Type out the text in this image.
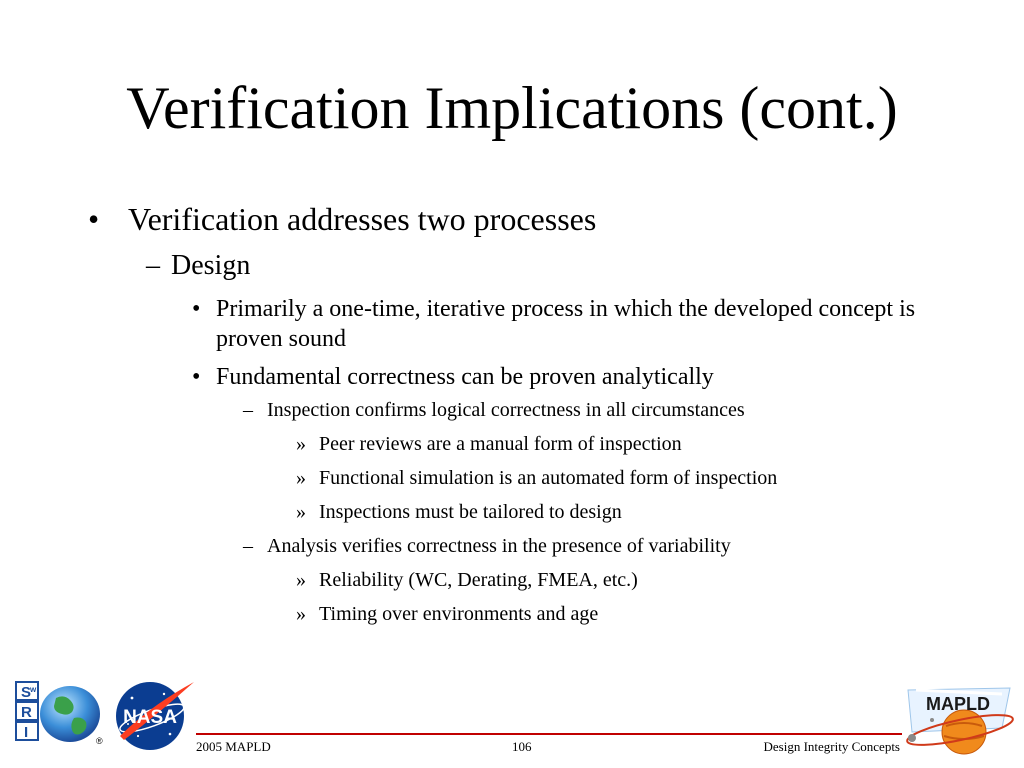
Verification Implications (cont.)
• Verification addresses two processes
– Design
• Primarily a one-time, iterative process in which the developed concept is proven sound
• Fundamental correctness can be proven analytically
– Inspection confirms logical correctness in all circumstances
» Peer reviews are a manual form of inspection
» Functional simulation is an automated form of inspection
» Inspections must be tailored to design
– Analysis verifies correctness in the presence of variability
» Reliability (WC, Derating, FMEA, etc.)
» Timing over environments and age
S
w
R
I	®
NASA
MAPLD
2005 MAPLD	106	Design Integrity Concepts
